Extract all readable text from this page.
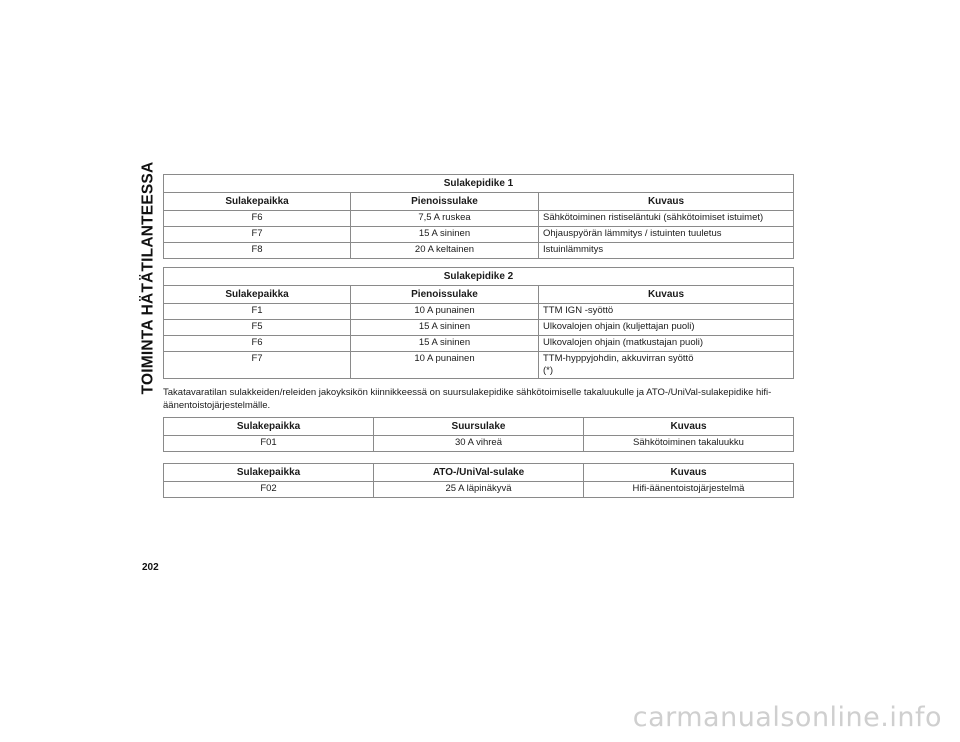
TOIMINTA HÄTÄTILANTEESSA	Sulakepidike 1		
Sulakepaikka	Pienoissulake	Kuvaus
F6	7,5 A ruskea	Sähkötoiminen ristiseläntuki (sähkötoimiset istuimet)
F7	15 A sininen	Ohjauspyörän lämmitys / istuinten tuuletus
F8	20 A keltainen	Istuinlämmitys
Sulakepidike 2		
Sulakepaikka	Pienoissulake	Kuvaus
F1	10 A punainen	TTM IGN -syöttö
F5	15 A sininen	Ulkovalojen ohjain (kuljettajan puoli)
F6	15 A sininen	Ulkovalojen ohjain (matkustajan puoli)
F7	10 A punainen	TTM-hyppyjohdin, akkuvirran syöttö
(*)
Takatavaratilan sulakkeiden/releiden jakoyksikön kiinnikkeessä on suursulakepidike sähkötoimiselle takaluukulle ja ATO-/UniVal-sulakepidike hifi-äänentoistojärjestelmälle.
Sulakepaikka	Suursulake	Kuvaus
F01	30 A vihreä	Sähkötoiminen takaluukku
Sulakepaikka	ATO-/UniVal-sulake	Kuvaus
F02	25 A läpinäkyvä	Hifi-äänentoistojärjestelmä
202
carmanualsonline.info
